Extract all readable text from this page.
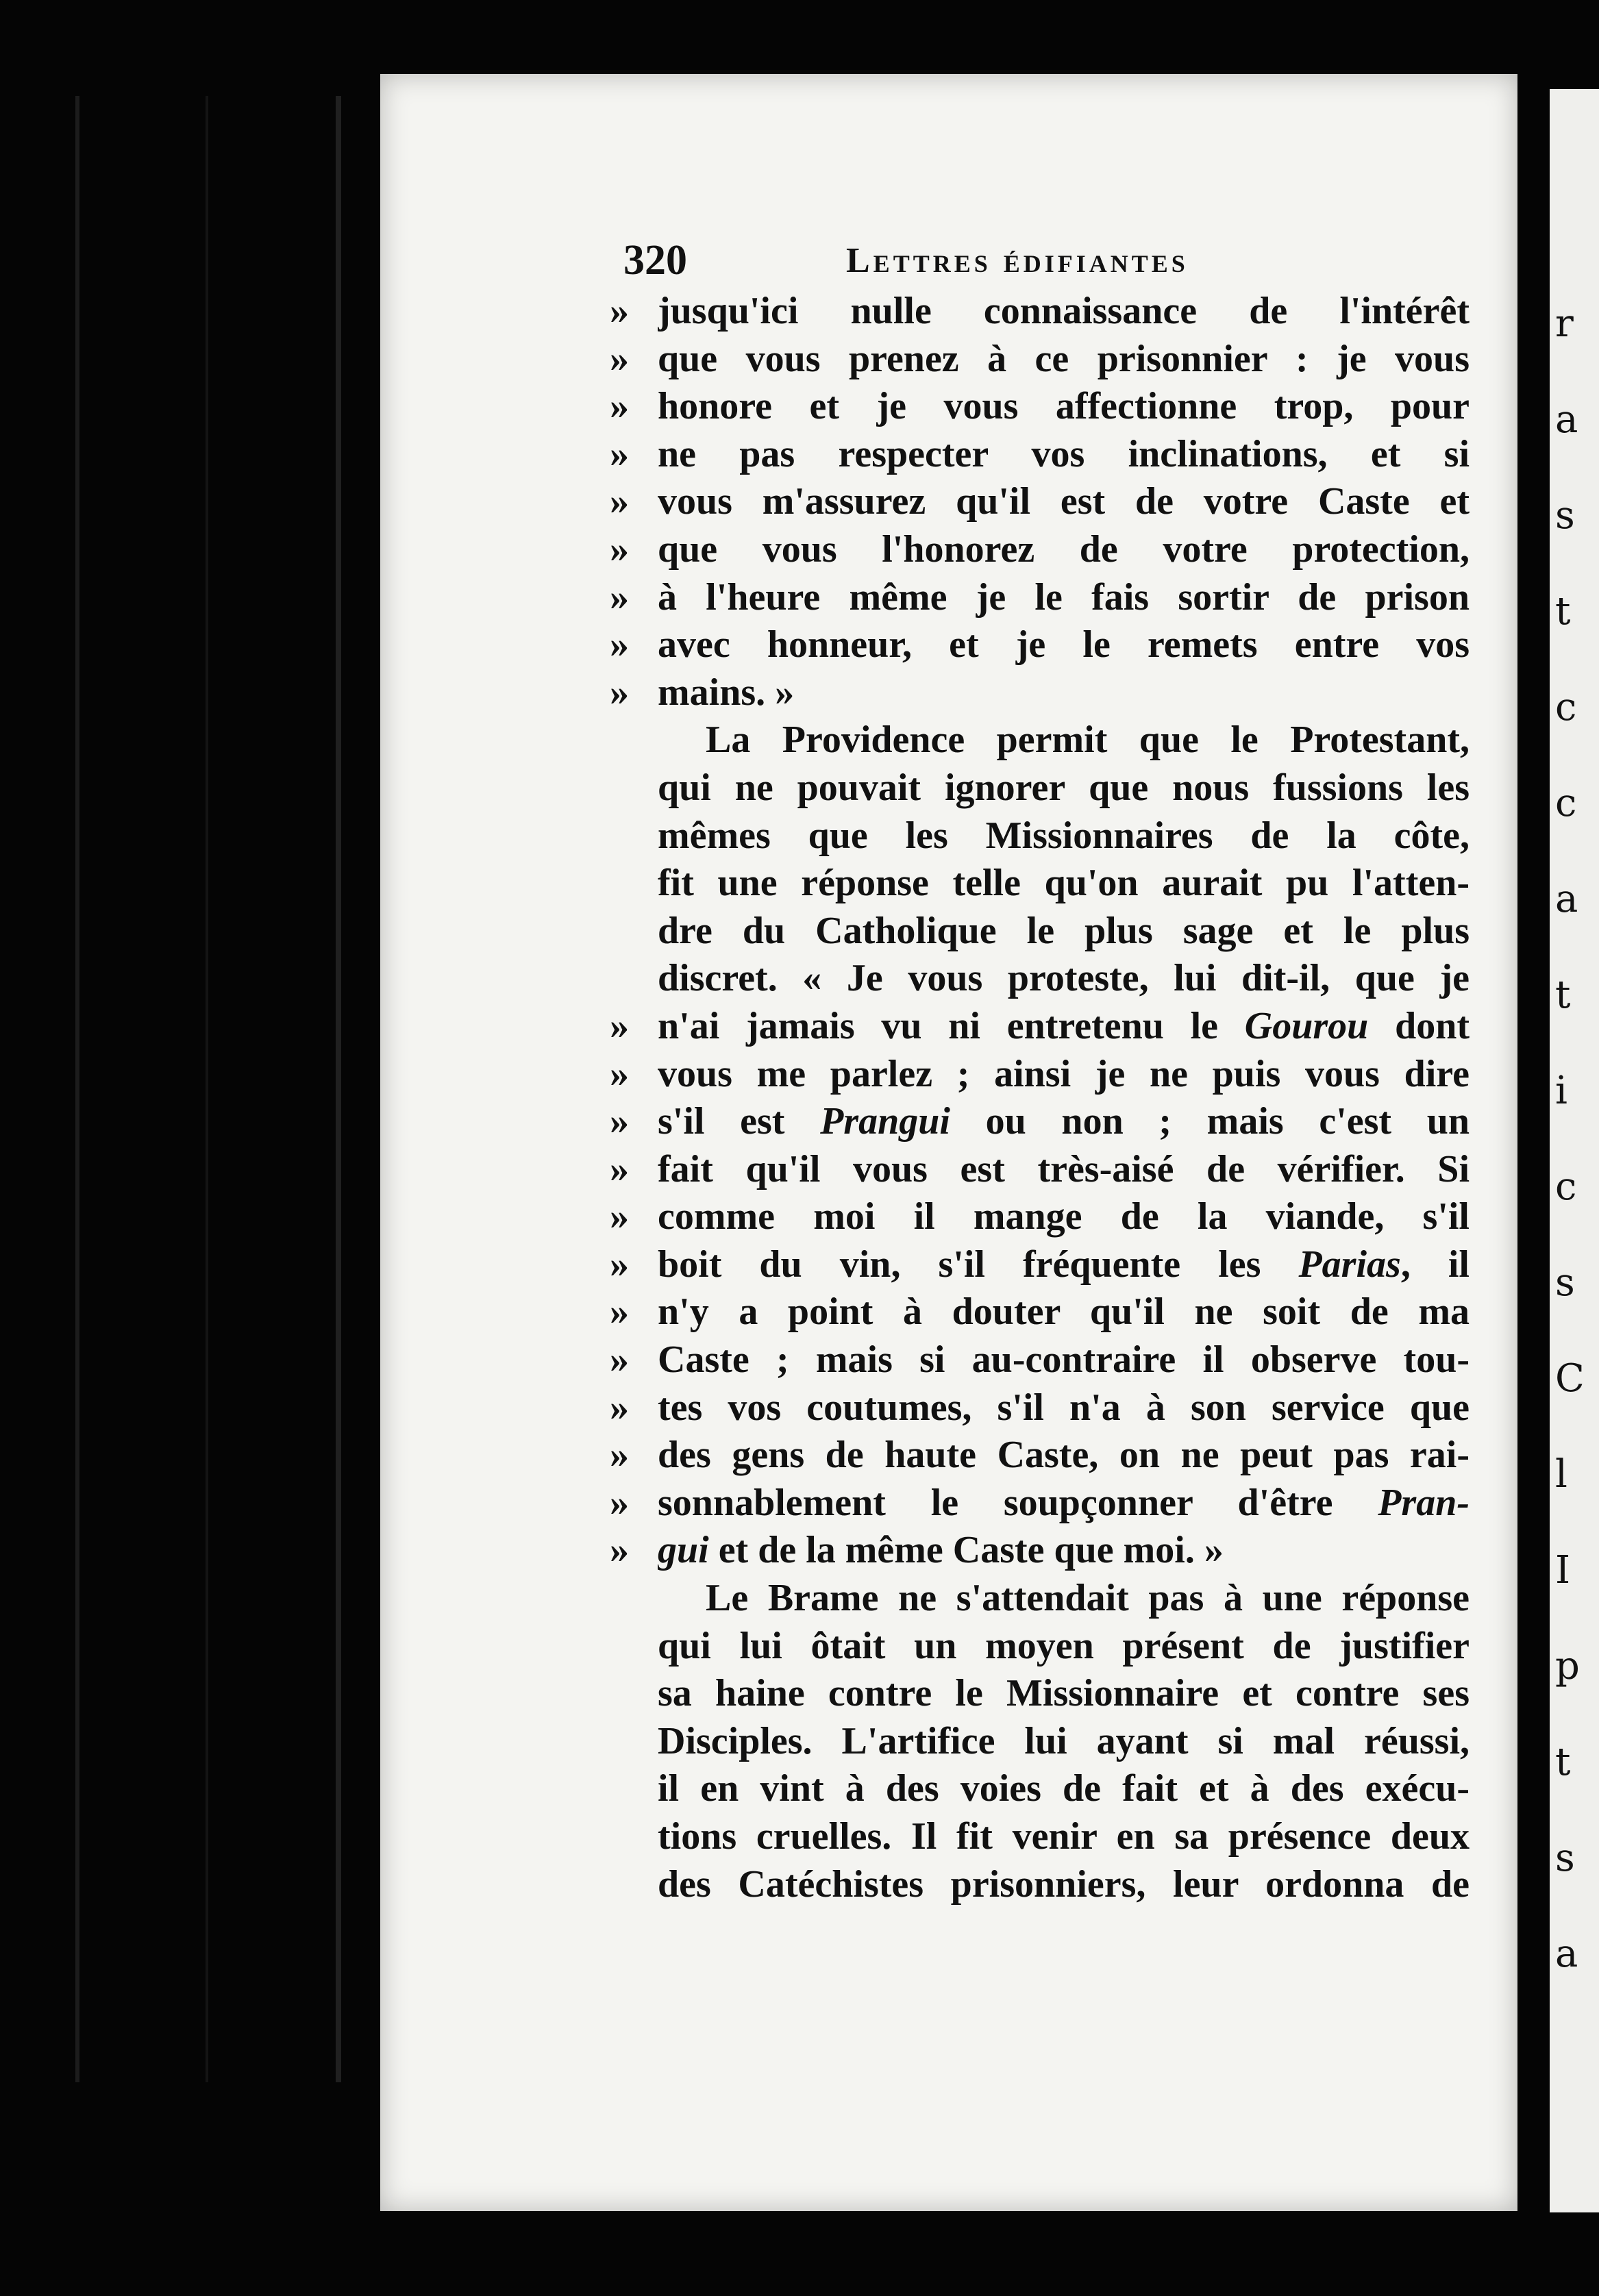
320	Lettres édifiantes
» jusqu'ici nulle connaissance de l'intérêt
» que vous prenez à ce prisonnier : je vous
» honore et je vous affectionne trop, pour
» ne pas respecter vos inclinations, et si
» vous m'assurez qu'il est de votre Caste et
» que vous l'honorez de votre protection,
» à l'heure même je le fais sortir de prison
» avec honneur, et je le remets entre vos
» mains. »
La Providence permit que le Protestant,
qui ne pouvait ignorer que nous fussions les
mêmes que les Missionnaires de la côte,
fit une réponse telle qu'on aurait pu l'atten-
dre du Catholique le plus sage et le plus
discret. « Je vous proteste, lui dit-il, que je
» n'ai jamais vu ni entretenu le Gourou dont
» vous me parlez ; ainsi je ne puis vous dire
» s'il est Prangui ou non ; mais c'est un
» fait qu'il vous est très-aisé de vérifier. Si
» comme moi il mange de la viande, s'il
» boit du vin, s'il fréquente les Parias, il
» n'y a point à douter qu'il ne soit de ma
» Caste ; mais si au-contraire il observe tou-
» tes vos coutumes, s'il n'a à son service que
» des gens de haute Caste, on ne peut pas rai-
» sonnablement le soupçonner d'être Pran-
» gui et de la même Caste que moi. »
Le Brame ne s'attendait pas à une réponse
qui lui ôtait un moyen présent de justifier
sa haine contre le Missionnaire et contre ses
Disciples. L'artifice lui ayant si mal réussi,
il en vint à des voies de fait et à des exécu-
tions cruelles. Il fit venir en sa présence deux
des Catéchistes prisonniers, leur ordonna de
r
a
s
t
c
c
a
t
i
c
s
C
l
I
p
t
s
a
